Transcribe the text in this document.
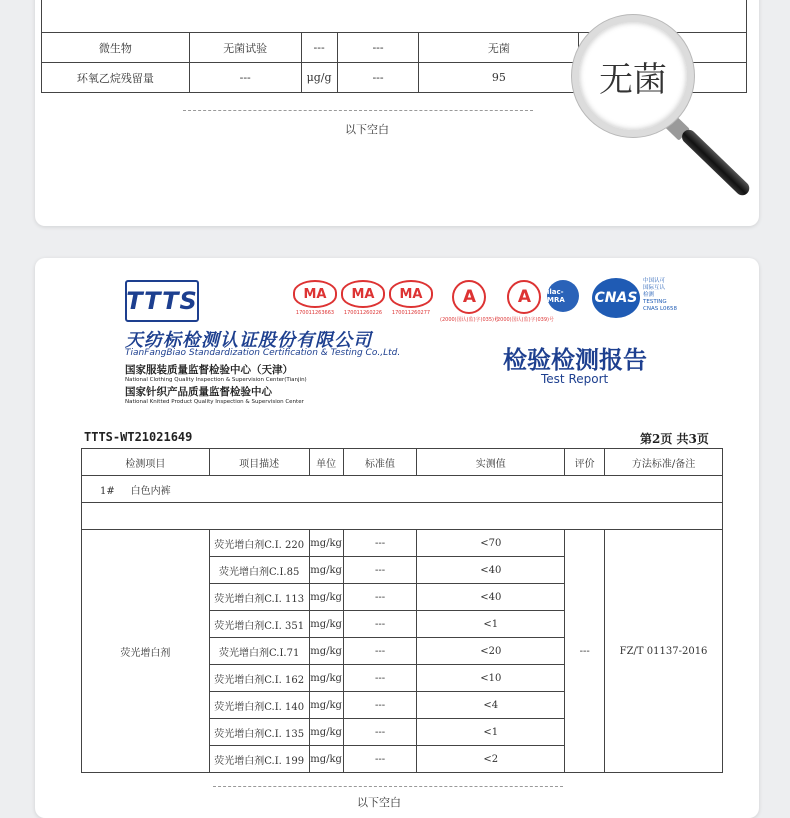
微生物	无菌试验	---	---	无菌	
环氧乙烷残留量	---	μg/g	---	95	
以下空白
无菌
TTTS	MA
170011263663
MA
170011260226
MA
170011260277
A
(2000)国认(监)字(035)号
A
(2000)国认(监)字(039)号
ilac-MRA	CNAS
中国认可
国际互认
检测
TESTING
CNAS L0658
天纺标检测认证股份有限公司
TianFangBiao Standardization Certification & Testing Co.,Ltd.
国家服装质量监督检验中心（天津）
National Clothing Quality Inspection & Supervision Center(Tianjin)
国家针织产品质量监督检验中心
National Knitted Product Quality Inspection & Supervision Center
检验检测报告
Test Report
TTTS-WT21021649	第2页 共3页
检测项目	项目描述	单位	标准值	实测值	评价	方法标准/备注
1#     白色内裤						

荧光增白剂	荧光增白剂C.I. 220	mg/kg	---	<70	---	FZ/T 01137-2016
	荧光增白剂C.I.85	mg/kg	---	<40		
	荧光增白剂C.I. 113	mg/kg	---	<40		
	荧光增白剂C.I. 351	mg/kg	---	<1		
	荧光增白剂C.I.71	mg/kg	---	<20		
	荧光增白剂C.I. 162	mg/kg	---	<10		
	荧光增白剂C.I. 140	mg/kg	---	<4		
	荧光增白剂C.I. 135	mg/kg	---	<1		
	荧光增白剂C.I. 199	mg/kg	---	<2		
以下空白
